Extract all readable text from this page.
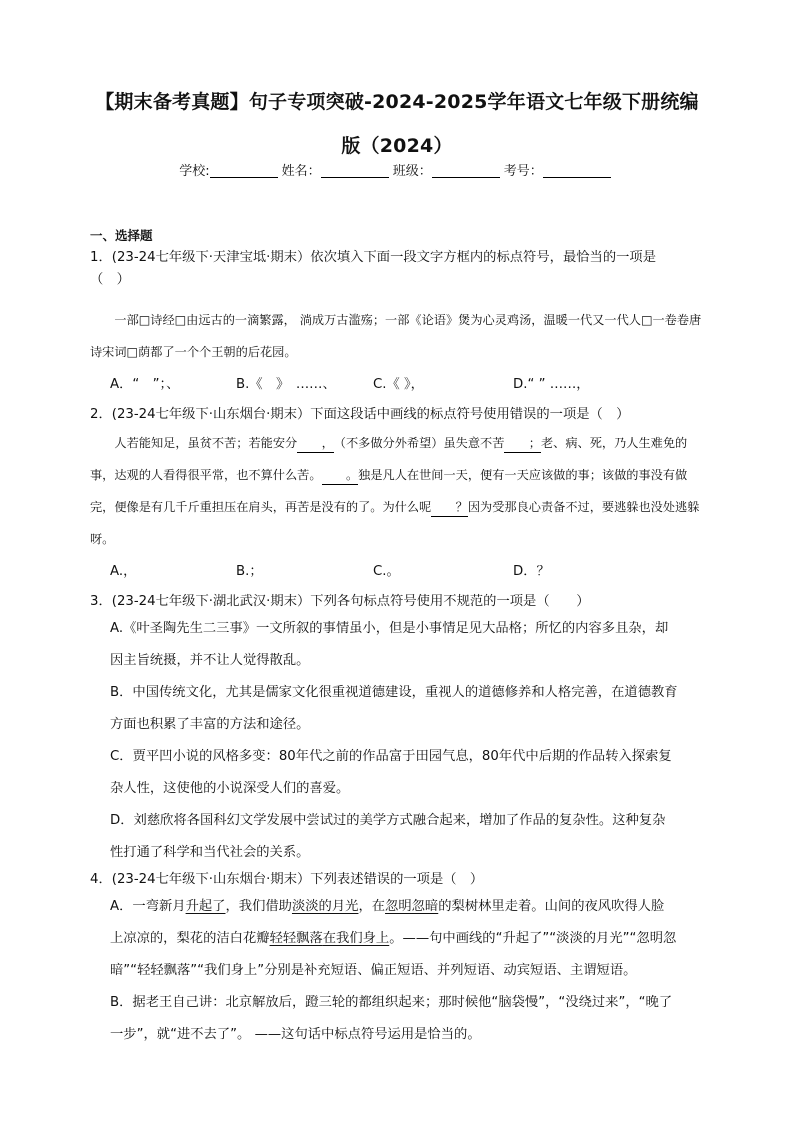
【期末备考真题】句子专项突破-2024-2025学年语文七年级下册统编
版（2024）
学校:	姓名：	班级：	考号：
一、选择题

1．(23-24七年级下·天津宝坻·期末）依次填入下面一段文字方框内的标点符号，最恰当的一项是
（　）

一部□诗经□由远古的一滴繁露， 淌成万古滥殇；一部《论语》煲为心灵鸡汤，温暖一代又一代人□一卷卷唐诗宋词□荫都了一个个王朝的后花园。

A．“　”；、	B.《　》　……、	C.《 》，	D.“ ” ……，

2．(23-24七年级下·山东烟台·期末）下面这段话中画线的标点符号使用错误的一项是（　）

人若能知足，虽贫不苦；若能安分 ，（不多做分外希望）虽失意不苦 ；老、病、死，乃人生难免的事，达观的人看得很平常，也不算什么苦。 。独是凡人在世间一天，便有一天应该做的事；该做的事没有做完，便像是有几千斤重担压在肩头，再苦是没有的了。为什么呢 ？因为受那良心责备不过，要逃躲也没处逃躲呀。

A.，	B.；	C.。	D．？

3．(23-24七年级下·湖北武汉·期末）下列各句标点符号使用不规范的一项是（　　）

A.《叶圣陶先生二三事》一文所叙的事情虽小，但是小事情足见大品格；所忆的内容多且杂，却
因主旨统摄，并不让人觉得散乱。

B．中国传统文化，尤其是儒家文化很重视道德建设，重视人的道德修养和人格完善，在道德教育
方面也积累了丰富的方法和途径。

C．贾平凹小说的风格多变：80年代之前的作品富于田园气息，80年代中后期的作品转入探索复
杂人性，这使他的小说深受人们的喜爱。

D．刘慈欣将各国科幻文学发展中尝试过的美学方式融合起来，增加了作品的复杂性。这种复杂
性打通了科学和当代社会的关系。

4．(23-24七年级下·山东烟台·期末）下列表述错误的一项是（　）

A．一弯新月升起了，我们借助淡淡的月光，在忽明忽暗的梨树林里走着。山间的夜风吹得人脸
上凉凉的，梨花的洁白花瓣轻轻飘落在我们身上。——句中画线的“升起了”“淡淡的月光”“忽明忽
暗”“轻轻飘落”“我们身上”分别是补充短语、偏正短语、并列短语、动宾短语、主谓短语。

B．据老王自己讲：北京解放后，蹬三轮的都组织起来；那时候他“脑袋慢”，“没绕过来”，“晚了
一步”，就“进不去了”。 ——这句话中标点符号运用是恰当的。
